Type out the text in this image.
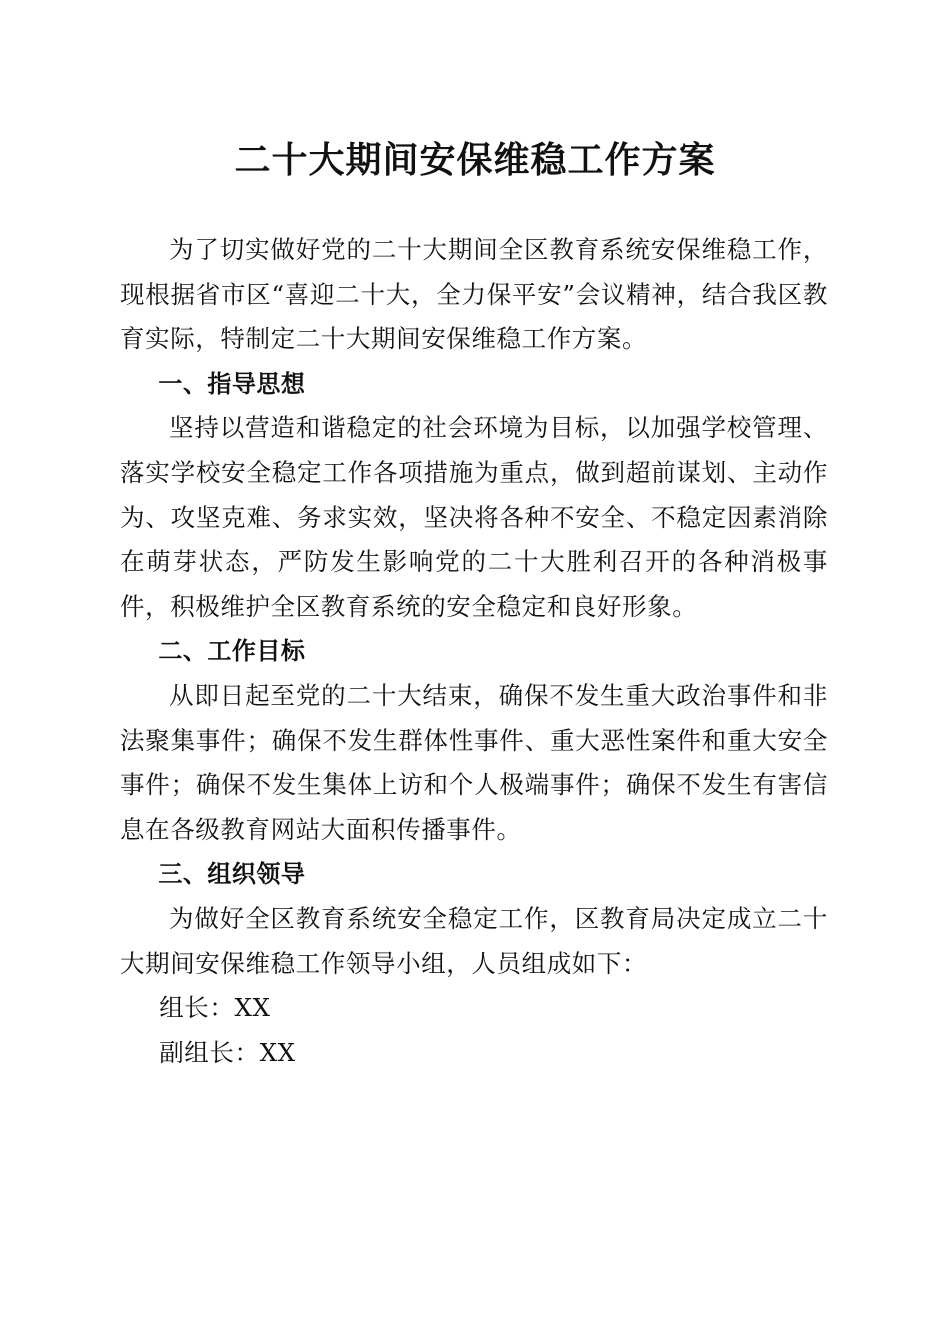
二十大期间安保维稳工作方案

为了切实做好党的二十大期间全区教育系统安保维稳工作，现根据省市区“喜迎二十大，全力保平安”会议精神，结合我区教育实际，特制定二十大期间安保维稳工作方案。

一、指导思想

坚持以营造和谐稳定的社会环境为目标，以加强学校管理、落实学校安全稳定工作各项措施为重点，做到超前谋划、主动作为、攻坚克难、务求实效，坚决将各种不安全、不稳定因素消除在萌芽状态，严防发生影响党的二十大胜利召开的各种消极事件，积极维护全区教育系统的安全稳定和良好形象。

二、工作目标

从即日起至党的二十大结束，确保不发生重大政治事件和非法聚集事件；确保不发生群体性事件、重大恶性案件和重大安全事件；确保不发生集体上访和个人极端事件；确保不发生有害信息在各级教育网站大面积传播事件。

三、组织领导

为做好全区教育系统安全稳定工作，区教育局决定成立二十大期间安保维稳工作领导小组，人员组成如下：

组长：XX

副组长：XX
